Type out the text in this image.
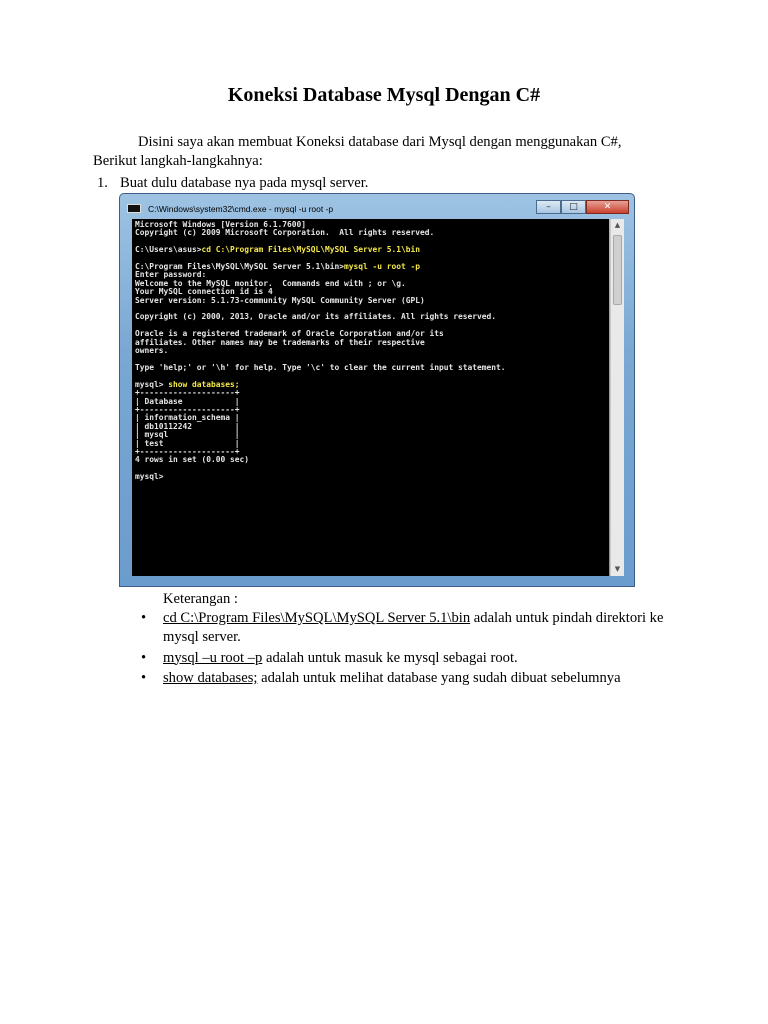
Koneksi Database Mysql Dengan C#
Disini saya akan membuat Koneksi database dari Mysql dengan menggunakan C#,
Berikut langkah-langkahnya:
1. Buat dulu database nya pada mysql server.
C:\Windows\system32\cmd.exe - mysql -u root -p	–	□	✕
Microsoft Windows [Version 6.1.7600]
Copyright (c) 2009 Microsoft Corporation.  All rights reserved.

C:\Users\asus>cd C:\Program Files\MySQL\MySQL Server 5.1\bin

C:\Program Files\MySQL\MySQL Server 5.1\bin>mysql -u root -p
Enter password:
Welcome to the MySQL monitor.  Commands end with ; or \g.
Your MySQL connection id is 4
Server version: 5.1.73-community MySQL Community Server (GPL)

Copyright (c) 2000, 2013, Oracle and/or its affiliates. All rights reserved.

Oracle is a registered trademark of Oracle Corporation and/or its
affiliates. Other names may be trademarks of their respective
owners.

Type 'help;' or '\h' for help. Type '\c' to clear the current input statement.

mysql> show databases;
+--------------------+
| Database           |
+--------------------+
| information_schema |
| db10112242         |
| mysql              |
| test               |
+--------------------+
4 rows in set (0.00 sec)

mysql>

▲
▼
Keterangan :
• cd C:\Program Files\MySQL\MySQL Server 5.1\bin adalah untuk pindah direktori ke mysql server.
• mysql –u root –p adalah untuk masuk ke mysql sebagai root.
• show databases; adalah untuk melihat database yang sudah dibuat sebelumnya
